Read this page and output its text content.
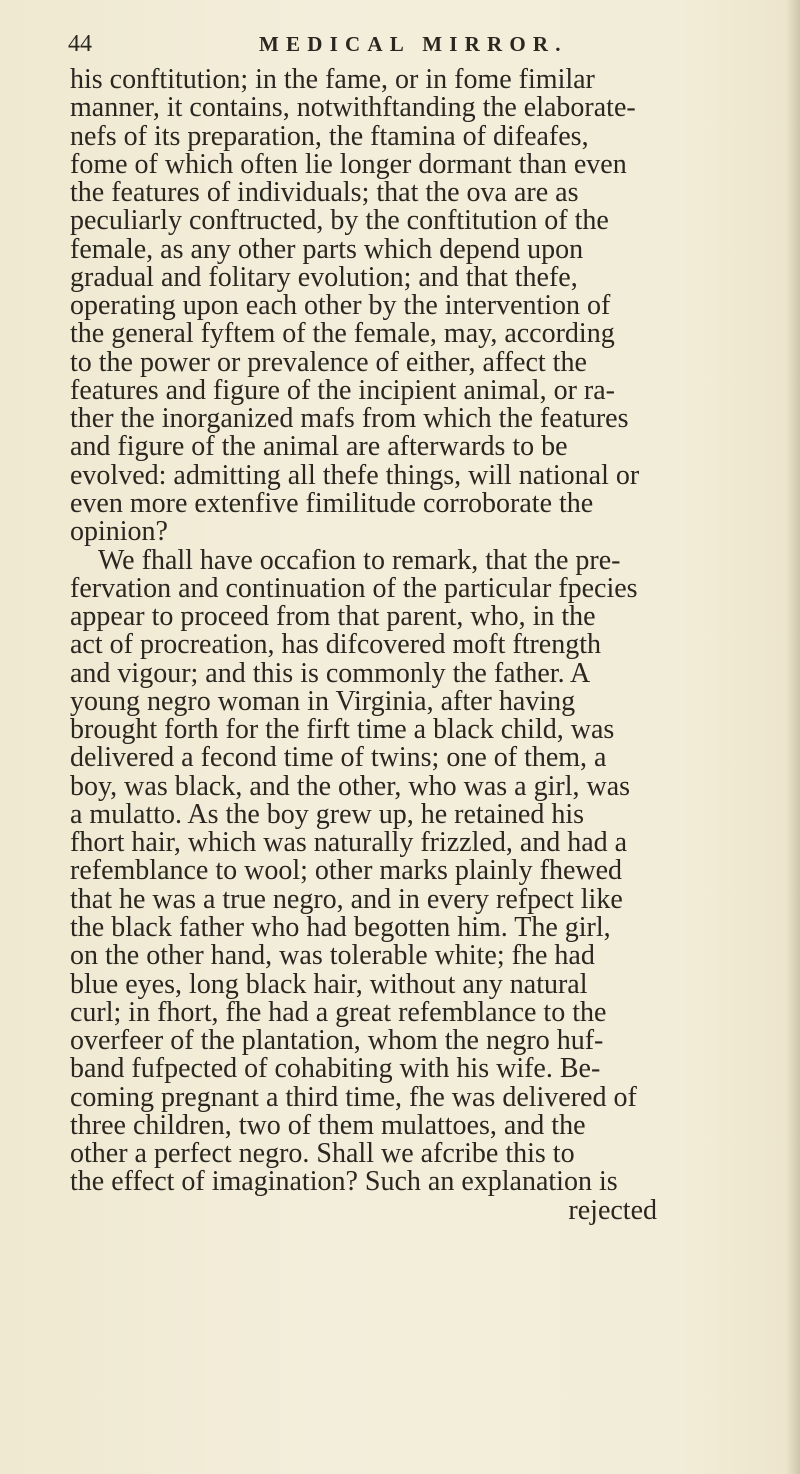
44	MEDICAL MIRROR.
his conftitution; in the fame, or in fome fimilar
manner, it contains, notwithftanding the elaborate-
nefs of its preparation, the ftamina of difeafes,
fome of which often lie longer dormant than even
the features of individuals; that the ova are as
peculiarly conftructed, by the conftitution of the
female, as any other parts which depend upon
gradual and folitary evolution; and that thefe,
operating upon each other by the intervention of
the general fyftem of the female, may, according
to the power or prevalence of either, affect the
features and figure of the incipient animal, or ra-
ther the inorganized mafs from which the features
and figure of the animal are afterwards to be
evolved: admitting all thefe things, will national or
even more extenfive fimilitude corroborate the
opinion?
We fhall have occafion to remark, that the pre-
fervation and continuation of the particular fpecies
appear to proceed from that parent, who, in the
act of procreation, has difcovered moft ftrength
and vigour; and this is commonly the father. A
young negro woman in Virginia, after having
brought forth for the firft time a black child, was
delivered a fecond time of twins; one of them, a
boy, was black, and the other, who was a girl, was
a mulatto. As the boy grew up, he retained his
fhort hair, which was naturally frizzled, and had a
refemblance to wool; other marks plainly fhewed
that he was a true negro, and in every refpect like
the black father who had begotten him. The girl,
on the other hand, was tolerable white; fhe had
blue eyes, long black hair, without any natural
curl; in fhort, fhe had a great refemblance to the
overfeer of the plantation, whom the negro huf-
band fufpected of cohabiting with his wife. Be-
coming pregnant a third time, fhe was delivered of
three children, two of them mulattoes, and the
other a perfect negro. Shall we afcribe this to
the effect of imagination? Such an explanation is
rejected
